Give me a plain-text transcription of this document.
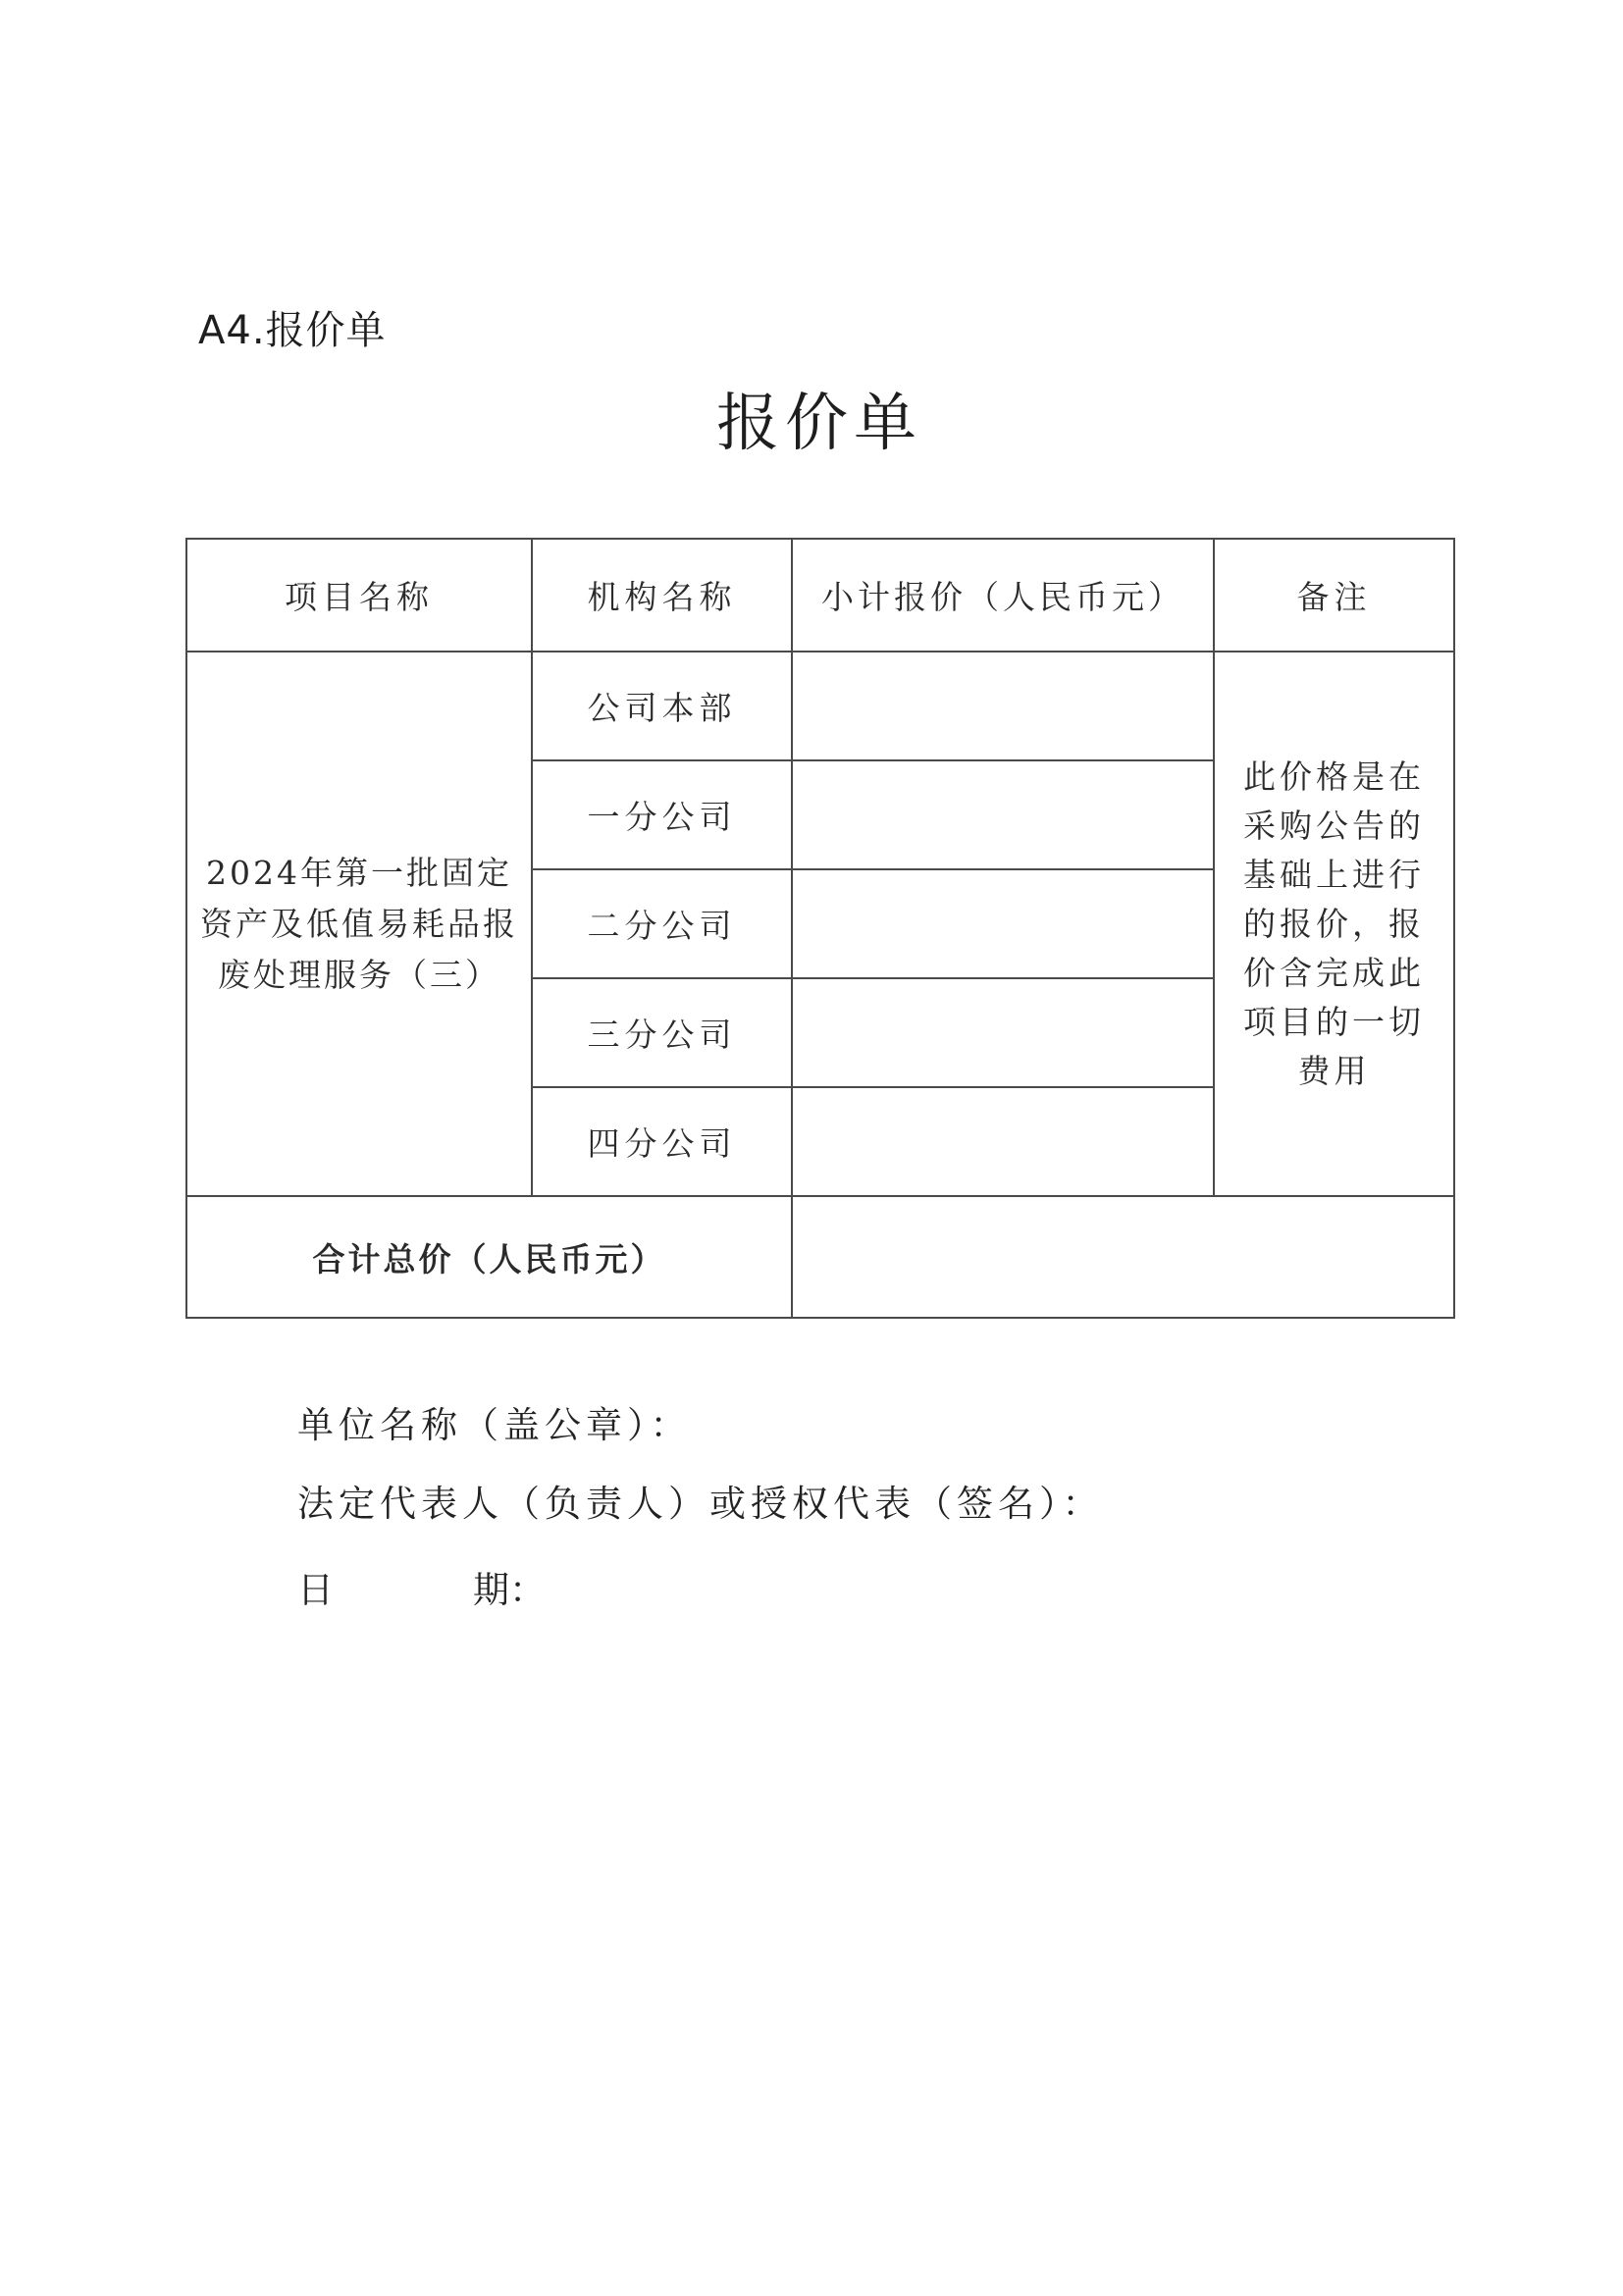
A4.报价单
报价单
项目名称	机构名称	小计报价（人民币元）	备注
2024年第一批固定资产及低值易耗品报废处理服务（三）	公司本部		此价格是在采购公告的基础上进行的报价，报价含完成此项目的一切费用
	一分公司		
	二分公司		
	三分公司		
	四分公司		
合计总价（人民币元）			
单位名称（盖公章）：
法定代表人（负责人）或授权代表（签名）：
日	期：
